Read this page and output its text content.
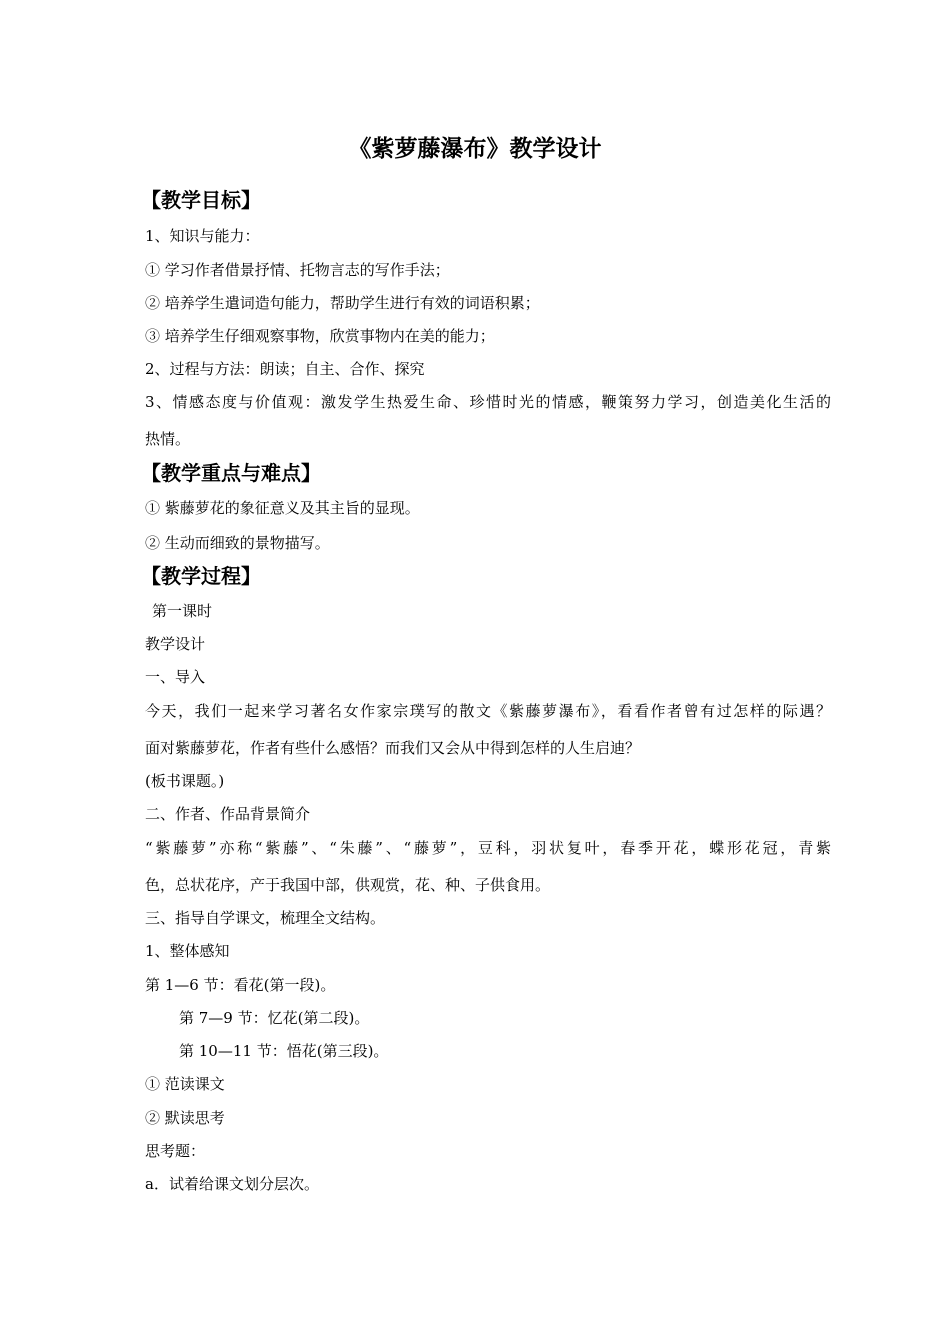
《紫萝藤瀑布》教学设计
【教学目标】

1、知识与能力：

① 学习作者借景抒情、托物言志的写作手法；

② 培养学生遣词造句能力，帮助学生进行有效的词语积累；

③ 培养学生仔细观察事物，欣赏事物内在美的能力；

2、过程与方法：朗读；自主、合作、探究

3、情感态度与价值观：激发学生热爱生命、珍惜时光的情感，鞭策努力学习，创造美化生活的

热情。

【教学重点与难点】

① 紫藤萝花的象征意义及其主旨的显现。

② 生动而细致的景物描写。

【教学过程】

第一课时

教学设计

一、导入

今天，我们一起来学习著名女作家宗璞写的散文《紫藤萝瀑布》，看看作者曾有过怎样的际遇？

面对紫藤萝花，作者有些什么感悟？而我们又会从中得到怎样的人生启迪？

(板书课题。)

二、作者、作品背景简介

“紫藤萝”亦称“紫藤”、“朱藤”、“藤萝”，豆科，羽状复叶，春季开花，蝶形花冠，青紫

色，总状花序，产于我国中部，供观赏，花、种、子供食用。

三、指导自学课文，梳理全文结构。

1、整体感知

第 1—6 节：看花(第一段)。

第 7—9 节：忆花(第二段)。

第 10—11 节：悟花(第三段)。

① 范读课文

② 默读思考

思考题：

a．试着给课文划分层次。
